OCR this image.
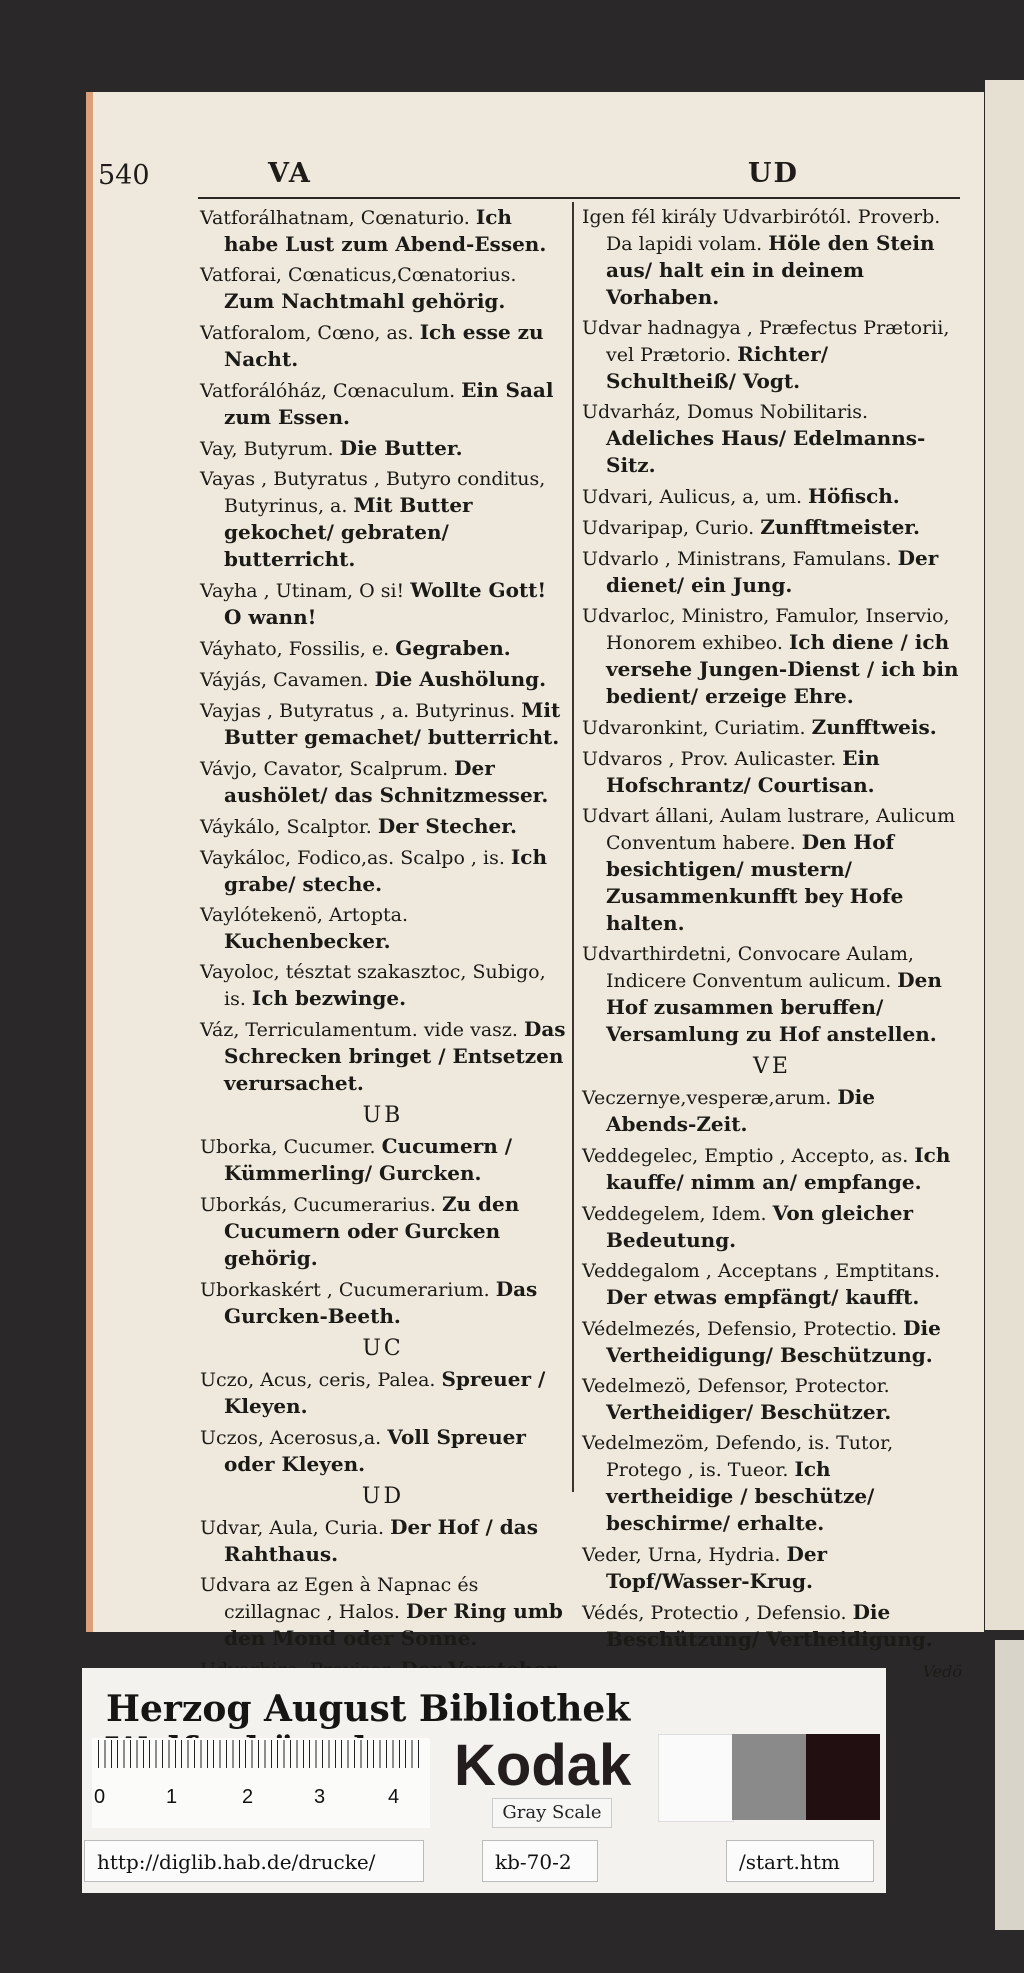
540	VA	UD
Vatforálhatnam, Cœnaturio. Ich habe Lust zum Abend-Essen.
Vatforai, Cœnaticus,Cœnatorius. Zum Nachtmahl gehörig.
Vatforalom, Cœno, as. Ich esse zu Nacht.
Vatforálóház, Cœnaculum. Ein Saal zum Essen.
Vay, Butyrum. Die Butter.
Vayas , Butyratus , Butyro conditus, Butyrinus, a. Mit Butter gekochet/ gebraten/ butterricht.
Vayha , Utinam, O si! Wollte Gott! O wann!
Váyhato, Fossilis, e. Gegraben.
Váyjás, Cavamen. Die Aushölung.
Vayjas , Butyratus , a. Butyrinus. Mit Butter gemachet/ butterricht.
Vávjo, Cavator, Scalprum. Der aushölet/ das Schnitzmesser.
Váykálo, Scalptor. Der Stecher.
Vaykáloc, Fodico,as. Scalpo , is. Ich grabe/ steche.
Vaylótekenö, Artopta. Kuchenbecker.
Vayoloc, tésztat szakasztoc, Subigo, is. Ich bezwinge.
Váz, Terriculamentum. vide vasz. Das Schrecken bringet / Entsetzen verursachet.
UB
Uborka, Cucumer. Cucumern / Kümmerling/ Gurcken.
Uborkás, Cucumerarius. Zu den Cucumern oder Gurcken gehörig.
Uborkaskért , Cucumerarium. Das Gurcken-Beeth.
UC
Uczo, Acus, ceris, Palea. Spreuer / Kleyen.
Uczos, Acerosus,a. Voll Spreuer oder Kleyen.
UD
Udvar, Aula, Curia. Der Hof / das Rahthaus.
Udvara az Egen à Napnac és czillagnac , Halos. Der Ring umb den Mond oder Sonne.
Igen fél király Udvarbirótól. Proverb. Da lapidi volam. Höle den Stein aus/ halt ein in deinem Vorhaben.
Udvar hadnagya , Præfectus Prætorii, vel Prætorio. Richter/ Schultheiß/ Vogt.
Udvarház, Domus Nobilitaris. Adeliches Haus/ Edelmanns-Sitz.
Udvari, Aulicus, a, um. Höfisch.
Udvaripap, Curio. Zunfftmeister.
Udvarlo , Ministrans, Famulans. Der dienet/ ein Jung.
Udvarloc, Ministro, Famulor, Inservio, Honorem exhibeo. Ich diene / ich versehe Jungen-Dienst / ich bin bedient/ erzeige Ehre.
Udvaronkint, Curiatim. Zunfftweis.
Udvaros , Prov. Aulicaster. Ein Hofschrantz/ Courtisan.
Udvart állani, Aulam lustrare, Aulicum Conventum habere. Den Hof besichtigen/ mustern/ Zusammenkunfft bey Hofe halten.
Udvarthirdetni, Convocare Aulam, Indicere Conventum aulicum. Den Hof zusammen beruffen/ Versamlung zu Hof anstellen.
VE
Veczernye,vesperæ,arum. Die Abends-Zeit.
Veddegelec, Emptio , Accepto, as. Ich kauffe/ nimm an/ empfange.
Veddegelem, Idem. Von gleicher Bedeutung.
Veddegalom , Acceptans , Emptitans. Der etwas empfängt/ kaufft.
Védelmezés, Defensio, Protectio. Die Vertheidigung/ Beschützung.
Vedelmezö, Defensor, Protector. Vertheidiger/ Beschützer.
Vedelmezöm, Defendo, is. Tutor, Protego , is. Tueor. Ich vertheidige / beschütze/ beschirme/ erhalte.
Veder, Urna, Hydria. Der Topf/Wasser-Krug.
Védés, Protectio , Defensio. Die Beschützung/ Vertheidigung.
Vedö
Herzog August Bibliothek
0	1	2	3	4 Kodak
Gray Scale
http://diglib.hab.de/drucke/	kb-70-2	/start.htm
